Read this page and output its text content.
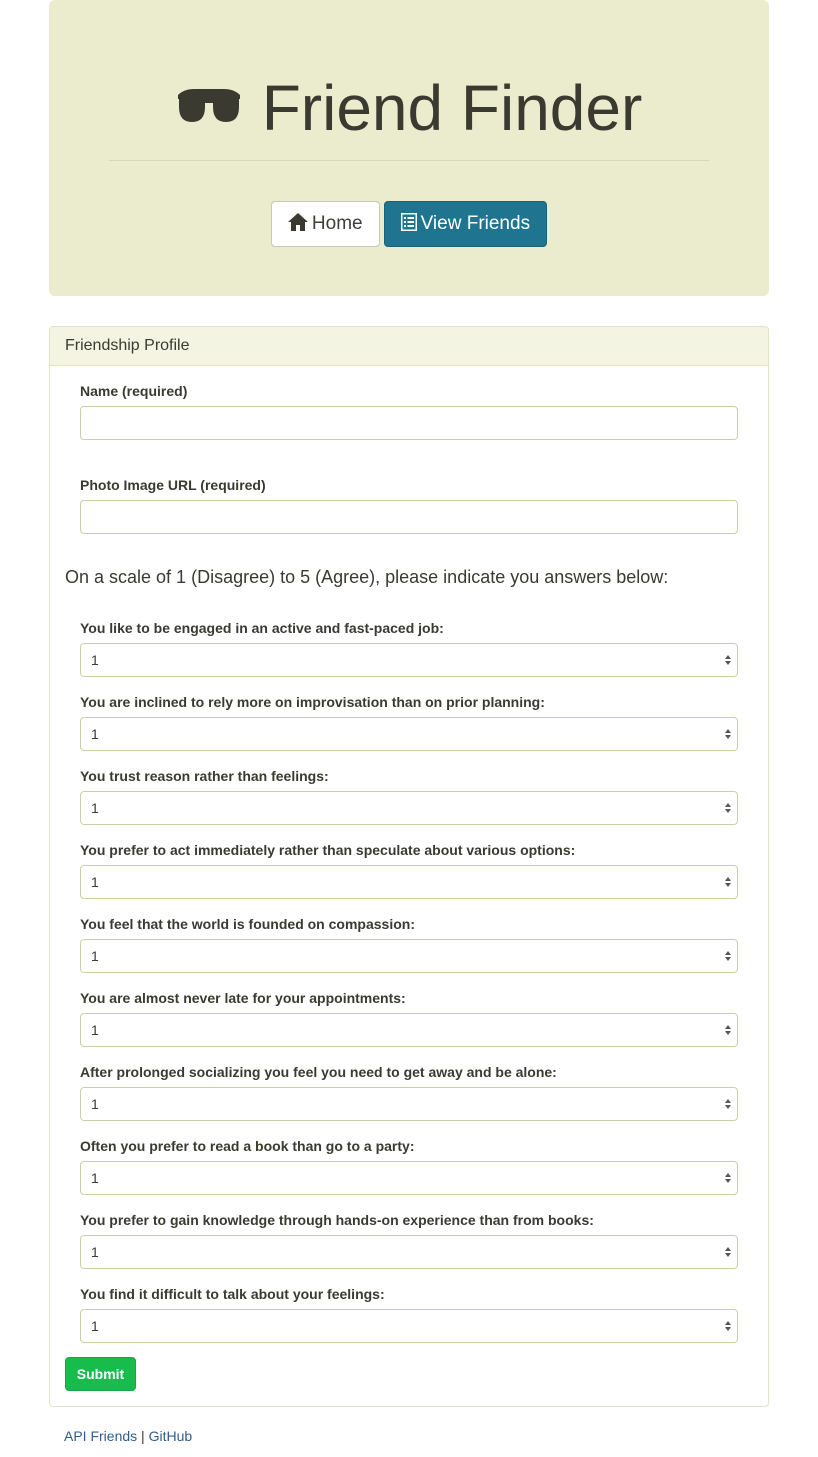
Friend Finder
Home	View Friends
Friendship Profile
Name (required)
Photo Image URL (required)
On a scale of 1 (Disagree) to 5 (Agree), please indicate you answers below:
You like to be engaged in an active and fast-paced job:
1
You are inclined to rely more on improvisation than on prior planning:
1
You trust reason rather than feelings:
1
You prefer to act immediately rather than speculate about various options:
1
You feel that the world is founded on compassion:
1
You are almost never late for your appointments:
1
After prolonged socializing you feel you need to get away and be alone:
1
Often you prefer to read a book than go to a party:
1
You prefer to gain knowledge through hands-on experience than from books:
1
You find it difficult to talk about your feelings:
1
Submit
API Friends | GitHub
